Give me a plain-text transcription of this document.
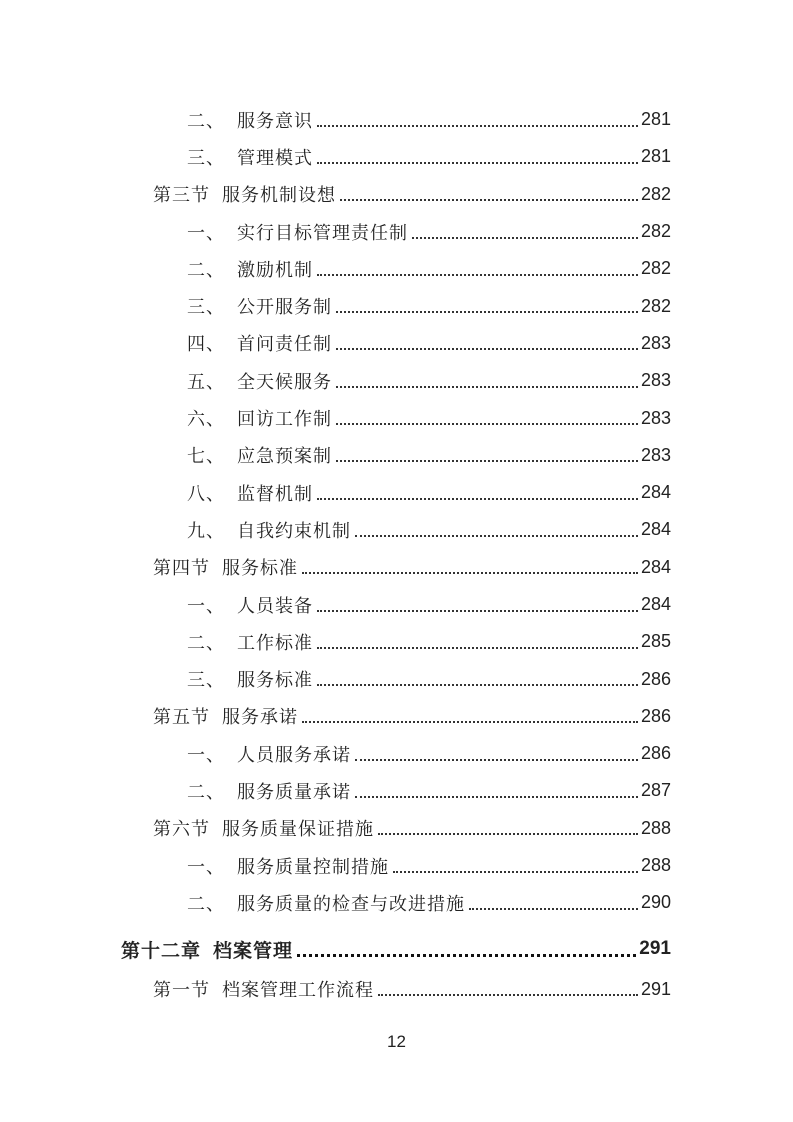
二、 服务意识	281
三、 管理模式	281
第三节 服务机制设想	282
一、 实行目标管理责任制	282
二、 激励机制	282
三、 公开服务制	282
四、 首问责任制	283
五、 全天候服务	283
六、 回访工作制	283
七、 应急预案制	283
八、 监督机制	284
九、 自我约束机制	284
第四节 服务标准	284
一、 人员装备	284
二、 工作标准	285
三、 服务标准	286
第五节 服务承诺	286
一、 人员服务承诺	286
二、 服务质量承诺	287
第六节 服务质量保证措施	288
一、 服务质量控制措施	288
二、 服务质量的检查与改进措施	290
第十二章 档案管理	291
第一节 档案管理工作流程	291
12
